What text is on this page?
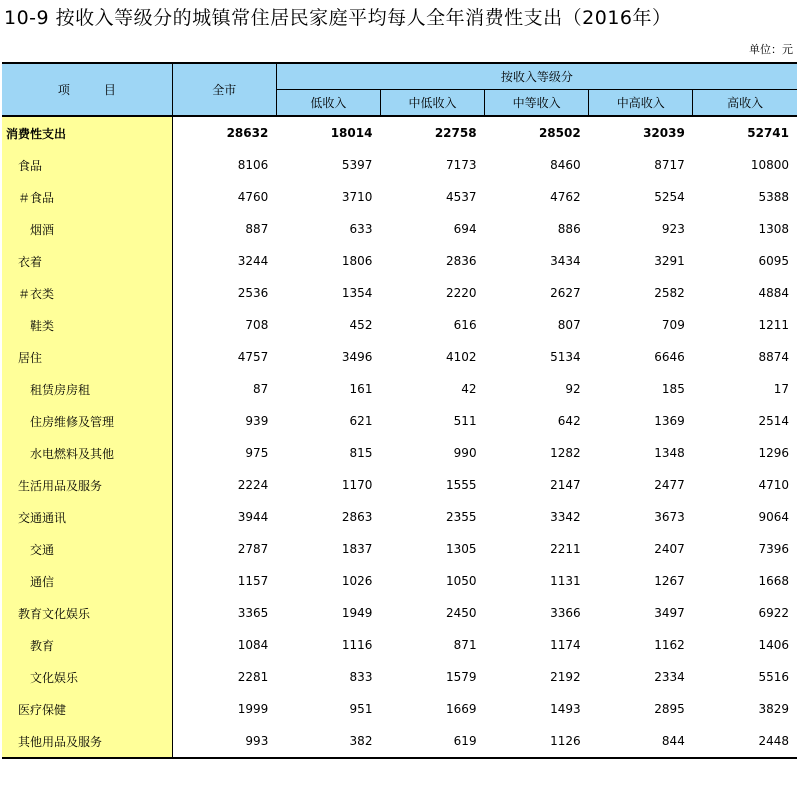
10-9 按收入等级分的城镇常住居民家庭平均每人全年消费性支出（2016年）
单位：元
项 目	全市	按收入等级分				
		低收入	中低收入	中等收入	中高收入	高收入
消费性支出	28632	18014	22758	28502	32039	52741
食品	8106	5397	7173	8460	8717	10800
＃食品	4760	3710	4537	4762	5254	5388
烟酒	887	633	694	886	923	1308
衣着	3244	1806	2836	3434	3291	6095
＃衣类	2536	1354	2220	2627	2582	4884
鞋类	708	452	616	807	709	1211
居住	4757	3496	4102	5134	6646	8874
租赁房房租	87	161	42	92	185	17
住房维修及管理	939	621	511	642	1369	2514
水电燃料及其他	975	815	990	1282	1348	1296
生活用品及服务	2224	1170	1555	2147	2477	4710
交通通讯	3944	2863	2355	3342	3673	9064
交通	2787	1837	1305	2211	2407	7396
通信	1157	1026	1050	1131	1267	1668
教育文化娱乐	3365	1949	2450	3366	3497	6922
教育	1084	1116	871	1174	1162	1406
文化娱乐	2281	833	1579	2192	2334	5516
医疗保健	1999	951	1669	1493	2895	3829
其他用品及服务	993	382	619	1126	844	2448
